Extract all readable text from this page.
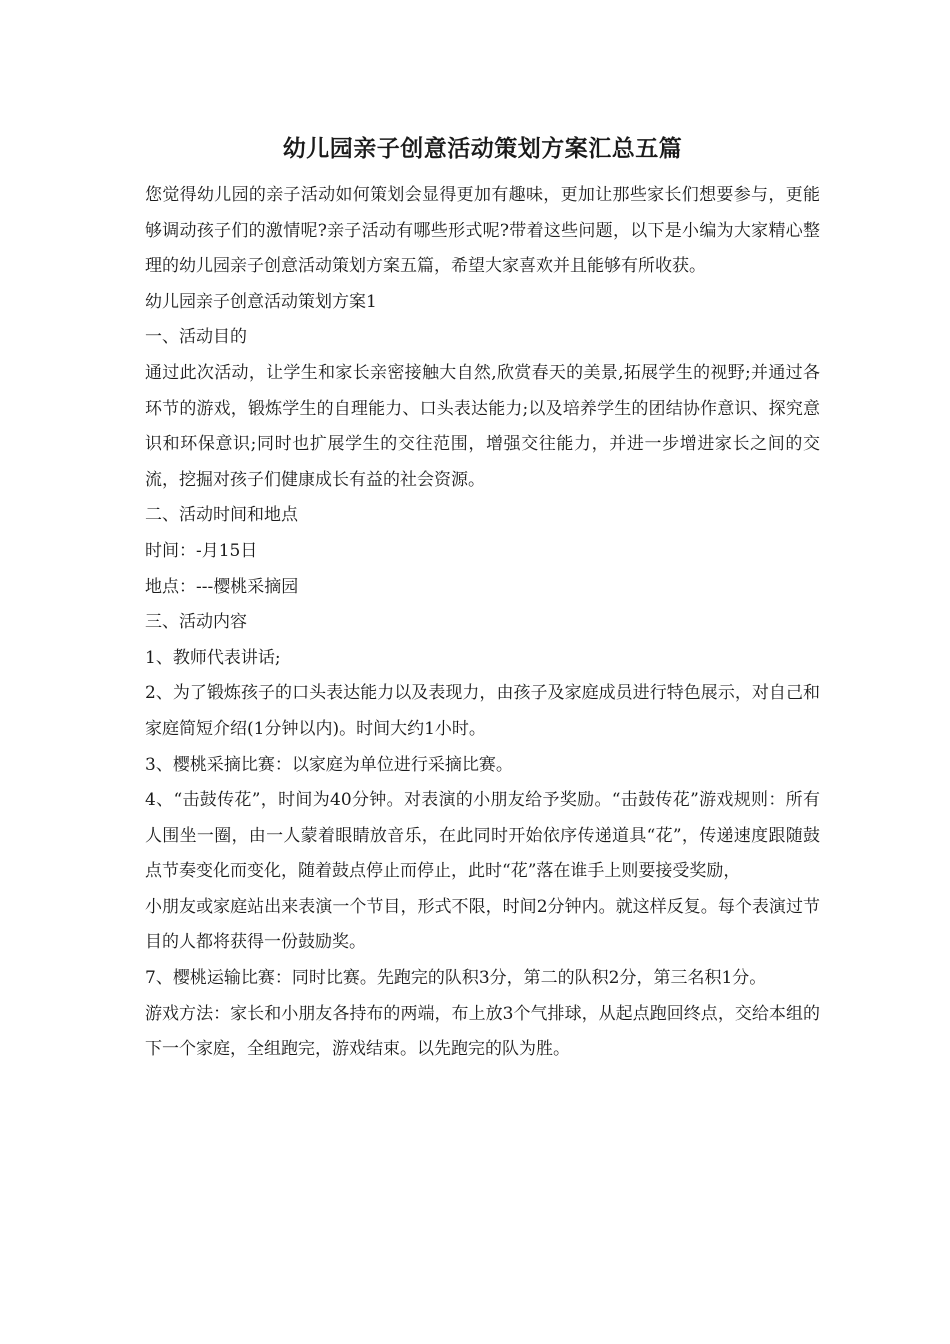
幼儿园亲子创意活动策划方案汇总五篇

您觉得幼儿园的亲子活动如何策划会显得更加有趣味，更加让那些家长们想要参与，更能够调动孩子们的激情呢?亲子活动有哪些形式呢?带着这些问题，以下是小编为大家精心整理的幼儿园亲子创意活动策划方案五篇，希望大家喜欢并且能够有所收获。

幼儿园亲子创意活动策划方案1

一、活动目的

通过此次活动，让学生和家长亲密接触大自然,欣赏春天的美景,拓展学生的视野;并通过各环节的游戏，锻炼学生的自理能力、口头表达能力;以及培养学生的团结协作意识、探究意识和环保意识;同时也扩展学生的交往范围，增强交往能力，并进一步增进家长之间的交流，挖掘对孩子们健康成长有益的社会资源。

二、活动时间和地点

时间：-月15日

地点：---樱桃采摘园

三、活动内容

1、教师代表讲话;

2、为了锻炼孩子的口头表达能力以及表现力，由孩子及家庭成员进行特色展示，对自己和家庭简短介绍(1分钟以内)。时间大约1小时。

3、樱桃采摘比赛：以家庭为单位进行采摘比赛。

4、“击鼓传花”，时间为40分钟。对表演的小朋友给予奖励。“击鼓传花”游戏规则：所有人围坐一圈，由一人蒙着眼睛放音乐，在此同时开始依序传递道具“花”，传递速度跟随鼓点节奏变化而变化，随着鼓点停止而停止，此时“花”落在谁手上则要接受奖励，

小朋友或家庭站出来表演一个节目，形式不限，时间2分钟内。就这样反复。每个表演过节目的人都将获得一份鼓励奖。

7、樱桃运输比赛：同时比赛。先跑完的队积3分，第二的队积2分，第三名积1分。

游戏方法：家长和小朋友各持布的两端，布上放3个气排球，从起点跑回终点，交给本组的下一个家庭，全组跑完，游戏结束。以先跑完的队为胜。
